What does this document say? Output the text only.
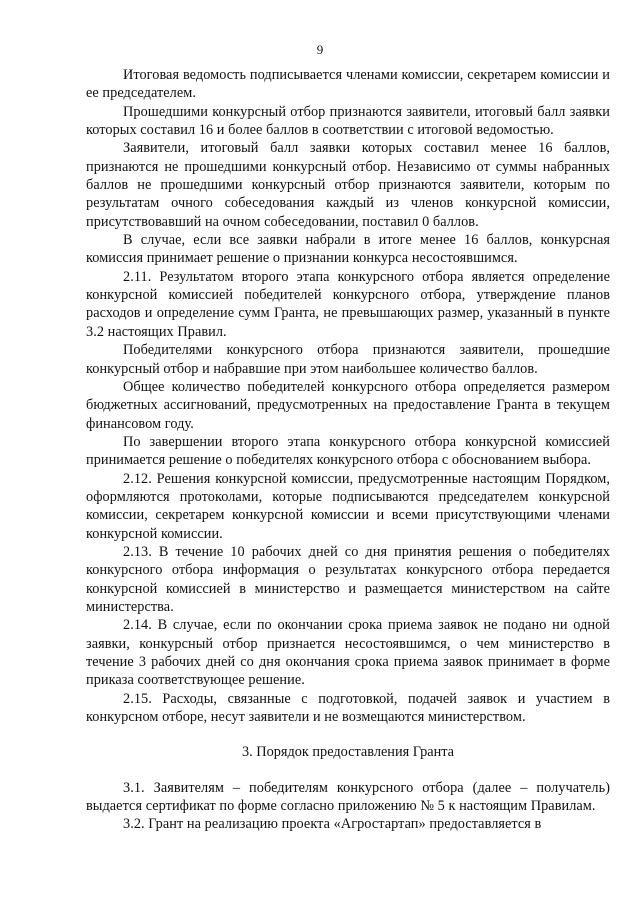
9

Итоговая ведомость подписывается членами комиссии, секретарем комиссии и ее председателем.

Прошедшими конкурсный отбор признаются заявители, итоговый балл заявки которых составил 16 и более баллов в соответствии с итоговой ведомостью.

Заявители, итоговый балл заявки которых составил менее 16 баллов, признаются не прошедшими конкурсный отбор. Независимо от суммы набранных баллов не прошедшими конкурсный отбор признаются заявители, которым по результатам очного собеседования каждый из членов конкурсной комиссии, присутствовавший на очном собеседовании, поставил 0 баллов.

В случае, если все заявки набрали в итоге менее 16 баллов, конкурсная комиссия принимает решение о признании конкурса несостоявшимся.

2.11. Результатом второго этапа конкурсного отбора является определение конкурсной комиссией победителей конкурсного отбора, утверждение планов расходов и определение сумм Гранта, не превышающих размер, указанный в пункте 3.2 настоящих Правил.

Победителями конкурсного отбора признаются заявители, прошедшие конкурсный отбор и набравшие при этом наибольшее количество баллов.

Общее количество победителей конкурсного отбора определяется размером бюджетных ассигнований, предусмотренных на предоставление Гранта в текущем финансовом году.

По завершении второго этапа конкурсного отбора конкурсной комиссией принимается решение о победителях конкурсного отбора с обоснованием выбора.

2.12. Решения конкурсной комиссии, предусмотренные настоящим Порядком, оформляются протоколами, которые подписываются председателем конкурсной комиссии, секретарем конкурсной комиссии и всеми присутствующими членами конкурсной комиссии.

2.13. В течение 10 рабочих дней со дня принятия решения о победителях конкурсного отбора информация о результатах конкурсного отбора передается конкурсной комиссией в министерство и размещается министерством на сайте министерства.

2.14. В случае, если по окончании срока приема заявок не подано ни одной заявки, конкурсный отбор признается несостоявшимся, о чем министерство в течение 3 рабочих дней со дня окончания срока приема заявок принимает в форме приказа соответствующее решение.

2.15. Расходы, связанные с подготовкой, подачей заявок и участием в конкурсном отборе, несут заявители и не возмещаются министерством.

3. Порядок предоставления Гранта

3.1. Заявителям – победителям конкурсного отбора (далее – получатель) выдается сертификат по форме согласно приложению № 5 к настоящим Правилам.

3.2. Грант на реализацию проекта «Агростартап» предоставляется в
